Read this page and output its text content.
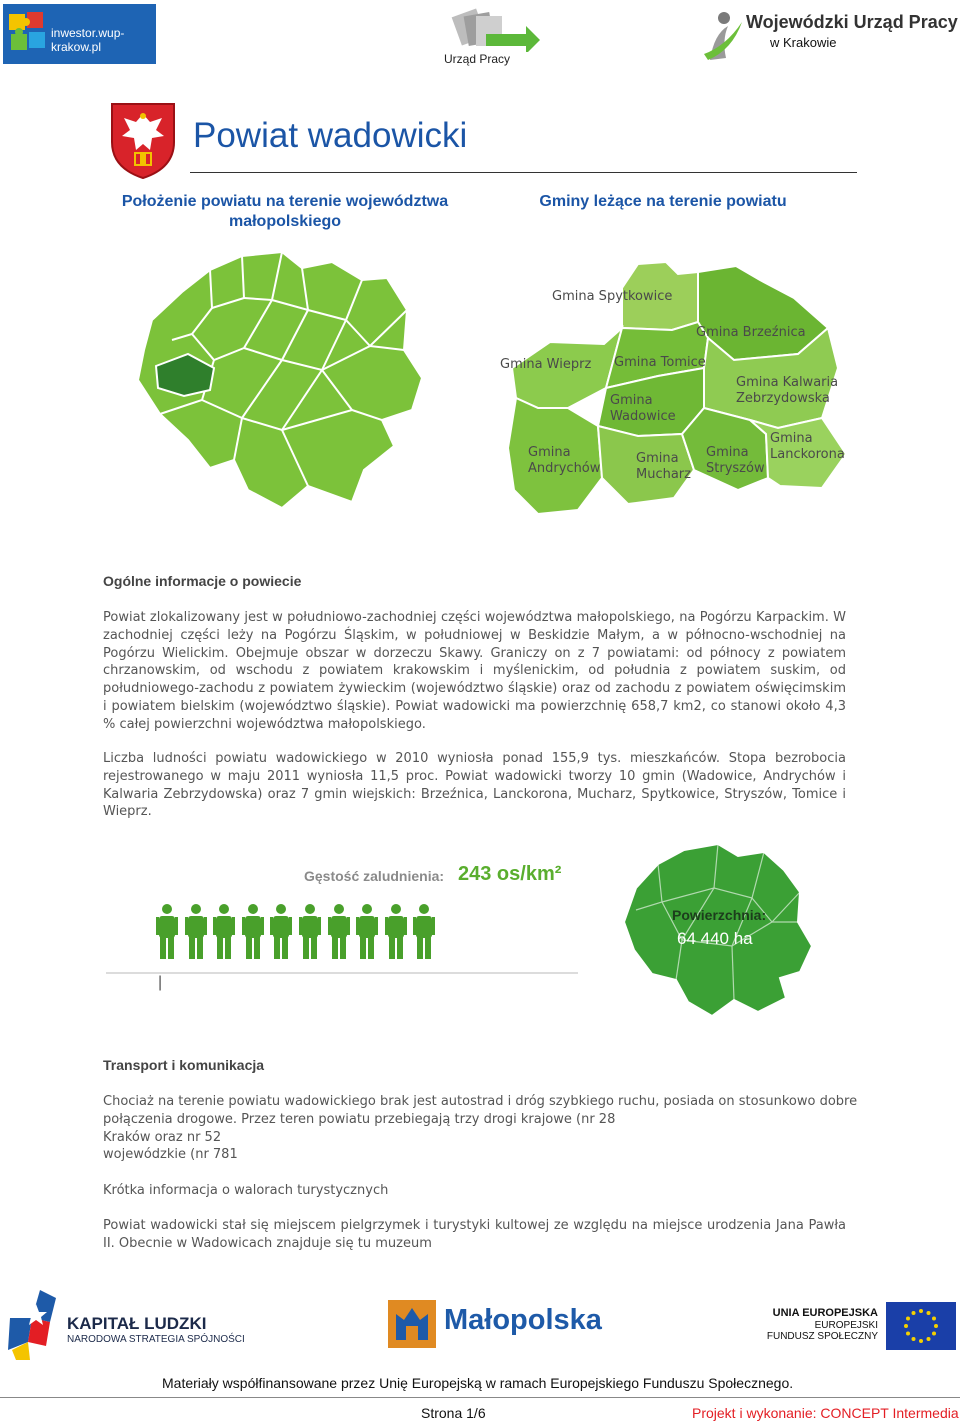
inwestor.wup-krakow.pl
Urząd Pracy
Wojewódzki Urząd Pracy
w Krakowie
Powiat wadowicki
Położenie powiatu na terenie województwa małopolskiego
Gminy leżące na terenie powiatu
Gmina Spytkowice
Gmina Brzeźnica
Gmina Wieprz Gmina Tomice
Gmina Kalwaria
Zebrzydowska
Gmina
Wadowice
Gmina
Andrychów
Gmina
Mucharz
Gmina
Stryszów
Gmina
Lanckorona
Ogólne informacje o powiecie
Powiat zlokalizowany jest w południowo-zachodniej części województwa małopolskiego, na Pogórzu Karpackim. W zachodniej części leży na Pogórzu Śląskim, w południowej w Beskidzie Małym, a w północno-wschodniej na Pogórzu Wielickim. Obejmuje obszar w dorzeczu Skawy. Graniczy on z 7 powiatami: od północy z powiatem chrzanowskim, od wschodu z powiatem krakowskim i myślenickim, od południa z powiatem suskim, od południowego-zachodu z powiatem żywieckim (województwo śląskie) oraz od zachodu z powiatem oświęcimskim i powiatem bielskim (województwo śląskie). Powiat wadowicki ma powierzchnię 658,7 km2, co stanowi około 4,3 % całej powierzchni województwa małopolskiego.
Liczba ludności powiatu wadowickiego w 2010 wyniosła ponad 155,9 tys. mieszkańców. Stopa bezrobocia rejestrowanego w maju 2011 wyniosła 11,5 proc. Powiat wadowicki tworzy 10 gmin (Wadowice, Andrychów i Kalwaria Zebrzydowska) oraz 7 gmin wiejskich: Brzeźnica, Lanckorona, Mucharz, Spytkowice, Stryszów, Tomice i Wieprz.
Gęstość zaludnienia: 243 os/km²
|
Powierzchnia:
64 440 ha
Transport i komunikacja
Chociaż na terenie powiatu wadowickiego brak jest autostrad i dróg szybkiego ruchu, posiada on stosunkowo dobre
połączenia drogowe. Przez teren powiatu przebiegają trzy drogi krajowe (nr 28
Kraków oraz nr 52
wojewódzkie (nr 781
Krótka informacja o walorach turystycznych
Powiat wadowicki stał się miejscem pielgrzymek i turystyki kultowej ze względu na miejsce urodzenia Jana Pawła II. Obecnie w Wadowicach znajduje się tu muzeum
KAPITAŁ LUDZKI
NARODOWA STRATEGIA SPÓJNOŚCI
Małopolska	UNIA EUROPEJSKA
EUROPEJSKI
FUNDUSZ SPOŁECZNY
Materiały współfinansowane przez Unię Europejską w ramach Europejskiego Funduszu Społecznego.
Strona 1/6	Projekt i wykonanie: CONCEPT Intermedia
